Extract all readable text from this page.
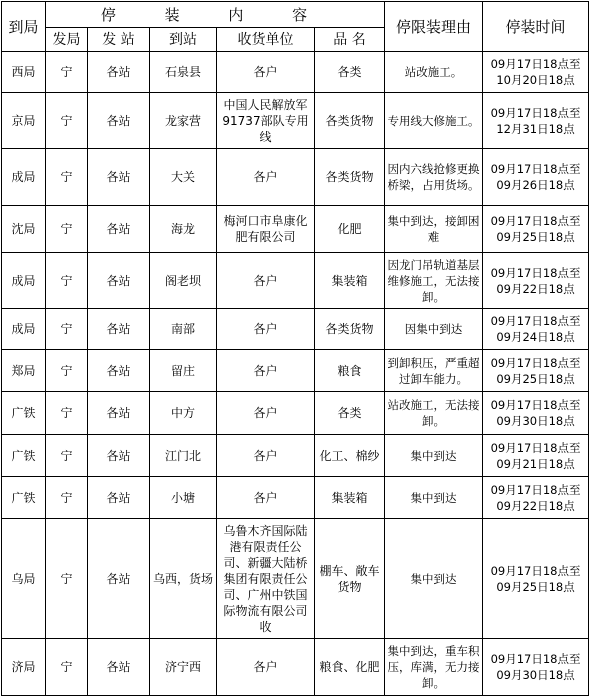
到局	停 装 内 容					停限装理由	停装时间
	发局	发 站	到站	收货单位	品 名		
西局	宁	各站	石泉县	各户	各类	站改施工。	09月17日18点至
10月20日18点
京局	宁	各站	龙家营	中国人民解放军91737部队专用线	各类货物	专用线大修施工。	09月17日18点至
12月31日18点
成局	宁	各站	大关	各户	各类货物	因内六线抢修更换桥梁，占用货场。	09月17日18点至
09月26日18点
沈局	宁	各站	海龙	梅河口市阜康化肥有限公司	化肥	集中到达，接卸困难	09月17日18点至
09月25日18点
成局	宁	各站	阁老坝	各户	集装箱	因龙门吊轨道基层维修施工，无法接卸。	09月17日18点至
09月22日18点
成局	宁	各站	南部	各户	各类货物	因集中到达	09月17日18点至
09月24日18点
郑局	宁	各站	留庄	各户	粮食	到卸积压，严重超过卸车能力。	09月17日18点至
09月25日18点
广铁	宁	各站	中方	各户	各类	站改施工，无法接卸。	09月17日18点至
09月30日18点
广铁	宁	各站	江门北	各户	化工、棉纱	集中到达	09月17日18点至
09月21日18点
广铁	宁	各站	小塘	各户	集装箱	集中到达	09月17日18点至
09月22日18点
乌局	宁	各站	乌西，货场	乌鲁木齐国际陆港有限责任公司、新疆大陆桥集团有限责任公司、广州中铁国际物流有限公司收	棚车、敞车货物	集中到达	09月17日18点至
09月25日18点
济局	宁	各站	济宁西	各户	粮食、化肥	集中到达，重车积压，库满，无力接卸。	09月17日18点至
09月30日18点
